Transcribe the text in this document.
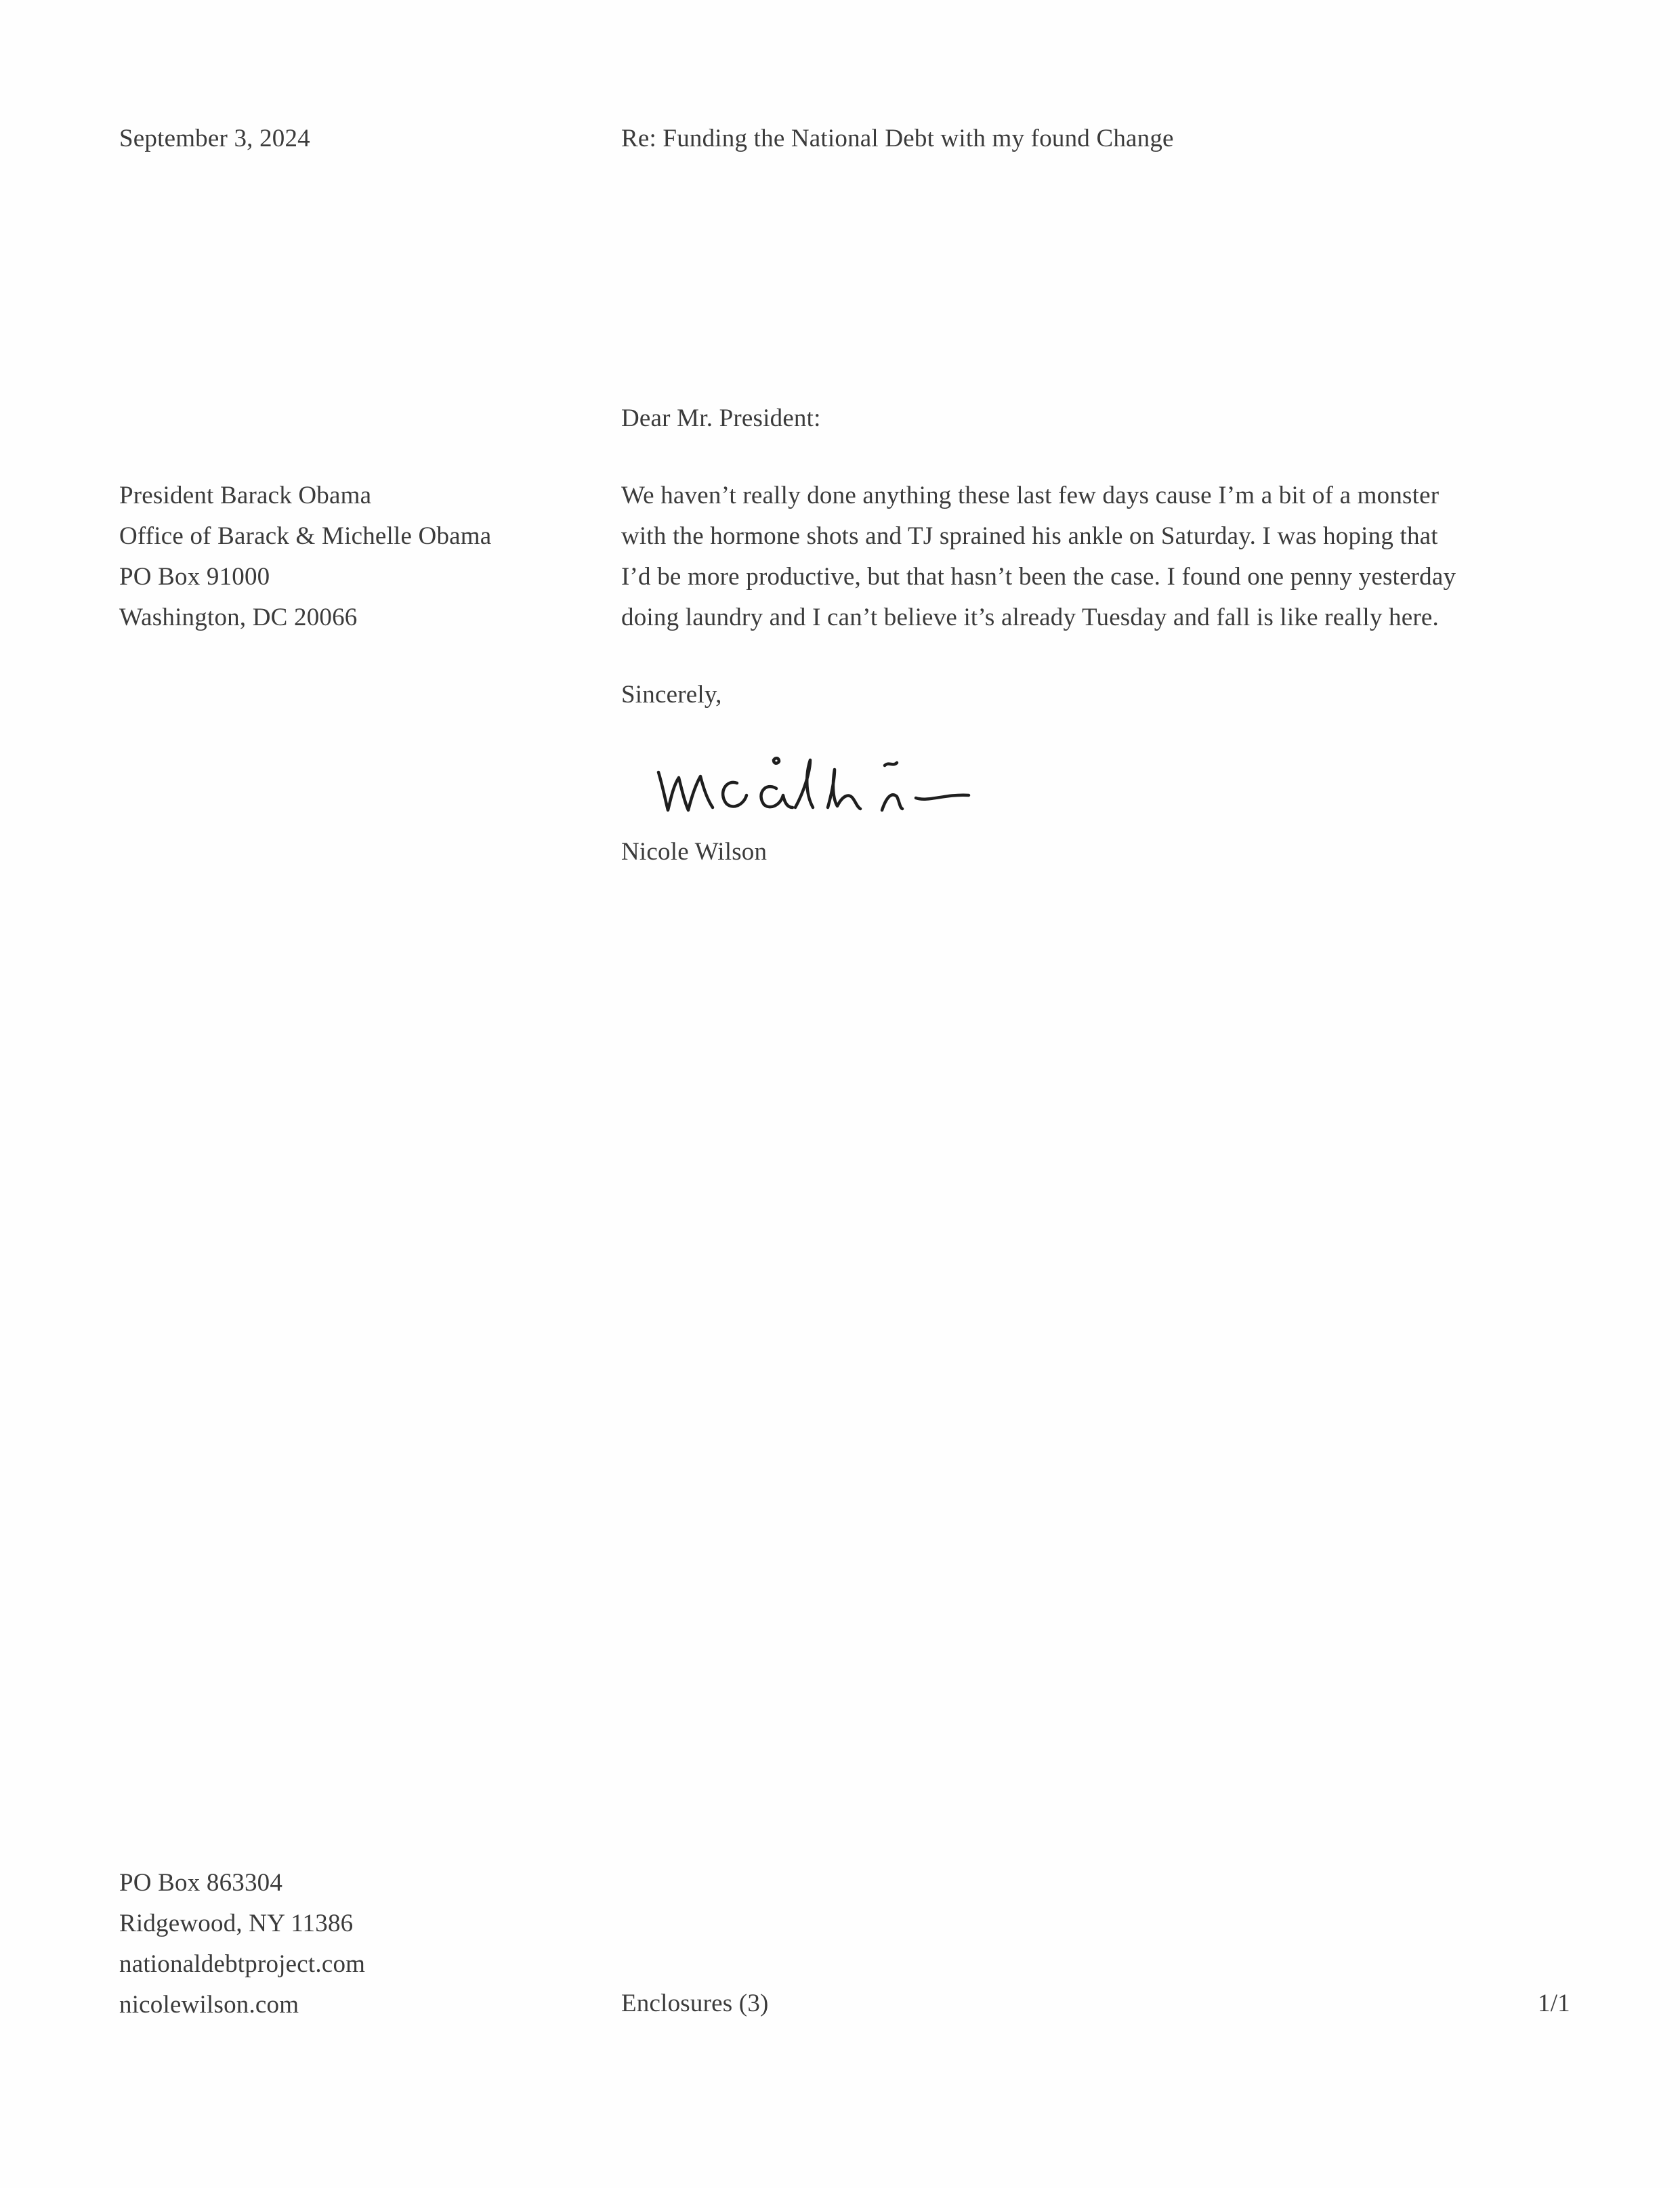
September 3, 2024	Re: Funding the National Debt with my found Change
Dear Mr. President:
President Barack Obama
Office of Barack & Michelle Obama
PO Box 91000
Washington, DC 20066
We haven’t really done anything these last few days cause I’m a bit of a monster
with the hormone shots and TJ sprained his ankle on Saturday. I was hoping that
I’d be more productive, but that hasn’t been the case. I found one penny yesterday
doing laundry and I can’t believe it’s already Tuesday and fall is like really here.
Sincerely,
Nicole Wilson
PO Box 863304
Ridgewood, NY 11386
nationaldebtproject.com
nicolewilson.com	Enclosures (3)	1/1
